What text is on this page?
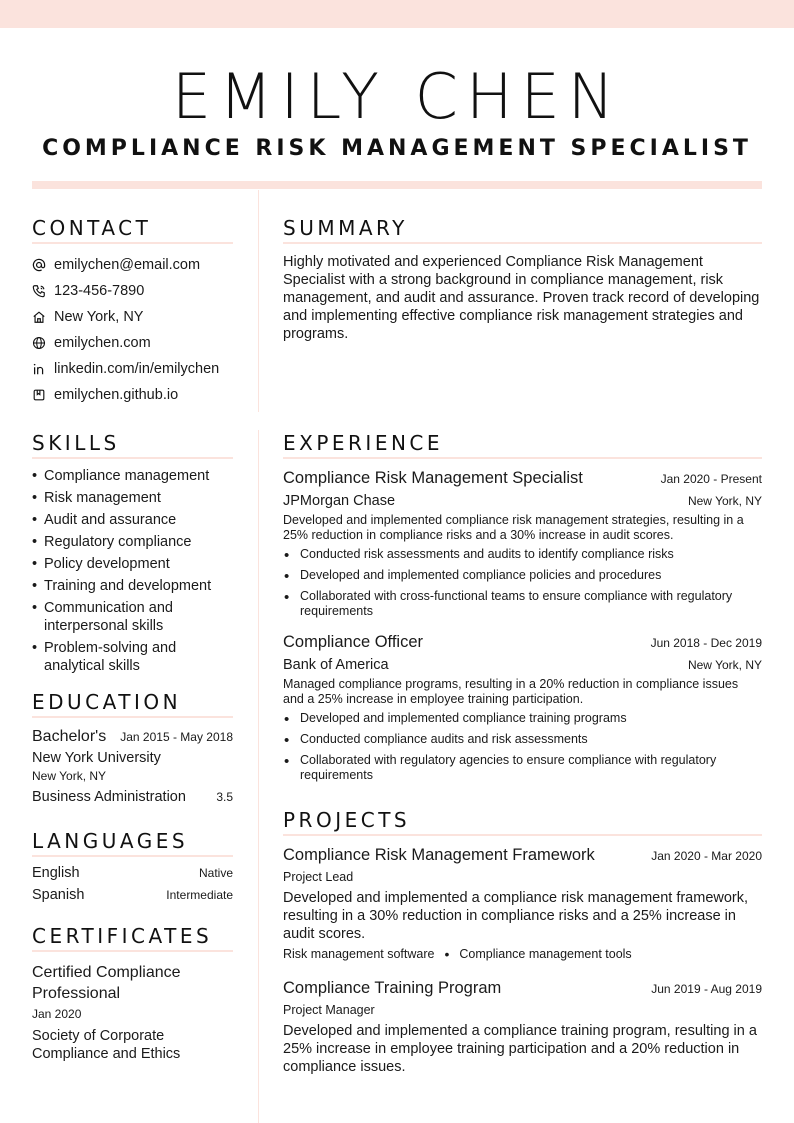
EMILY CHEN
COMPLIANCE RISK MANAGEMENT SPECIALIST
CONTACT
emilychen@email.com
123-456-7890
New York, NY
emilychen.com
linkedin.com/in/emilychen
emilychen.github.io
SUMMARY
Highly motivated and experienced Compliance Risk Management Specialist with a strong background in compliance management, risk management, and audit and assurance. Proven track record of developing and implementing effective compliance risk management strategies and programs.
SKILLS
• Compliance management
• Risk management
• Audit and assurance
• Regulatory compliance
• Policy development
• Training and development
• Communication and interpersonal skills
• Problem-solving and analytical skills
EDUCATION
Bachelor's Jan 2015 - May 2018
New York University
New York, NY
Business Administration	3.5
LANGUAGES
English	Native
Spanish	Intermediate
CERTIFICATES
Certified Compliance Professional
Jan 2020
Society of Corporate Compliance and Ethics
EXPERIENCE
Compliance Risk Management Specialist	Jan 2020 - Present
JPMorgan Chase	New York, NY
Developed and implemented compliance risk management strategies, resulting in a 25% reduction in compliance risks and a 30% increase in audit scores.
• Conducted risk assessments and audits to identify compliance risks
• Developed and implemented compliance policies and procedures
• Collaborated with cross-functional teams to ensure compliance with regulatory requirements
Compliance Officer	Jun 2018 - Dec 2019
Bank of America	New York, NY
Managed compliance programs, resulting in a 20% reduction in compliance issues and a 25% increase in employee training participation.
• Developed and implemented compliance training programs
• Conducted compliance audits and risk assessments
• Collaborated with regulatory agencies to ensure compliance with regulatory requirements
PROJECTS
Compliance Risk Management Framework	Jan 2020 - Mar 2020
Project Lead
Developed and implemented a compliance risk management framework, resulting in a 30% reduction in compliance risks and a 25% increase in audit scores.
Risk management software • Compliance management tools
Compliance Training Program	Jun 2019 - Aug 2019
Project Manager
Developed and implemented a compliance training program, resulting in a 25% increase in employee training participation and a 20% reduction in compliance issues.
